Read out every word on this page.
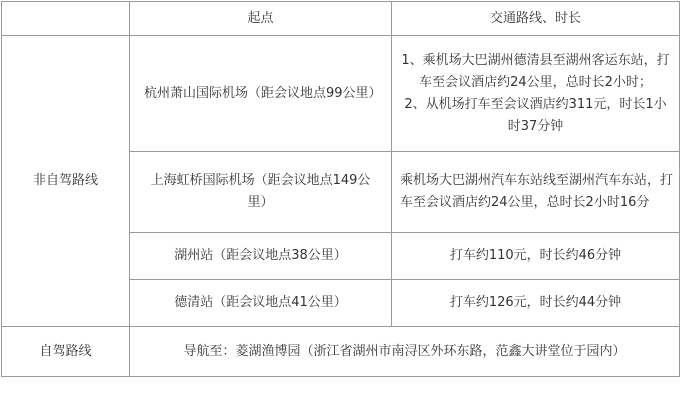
	起点	交通路线、时长
非自驾路线	杭州萧山国际机场（距会议地点99公里）	1、乘机场大巴湖州德清县至湖州客运东站，打车至会议酒店约24公里，总时长2小时；
2、从机场打车至会议酒店约311元，时长1小时37分钟

	上海虹桥国际机场（距会议地点149公里）	乘机场大巴湖州汽车东站线至湖州汽车东站，打车至会议酒店约24公里，总时长2小时16分
	湖州站（距会议地点38公里）	打车约110元，时长约46分钟
	德清站（距会议地点41公里）	打车约126元，时长约44分钟
自驾路线	导航至：菱湖渔博园（浙江省湖州市南浔区外环东路，范鑫大讲堂位于园内）	
